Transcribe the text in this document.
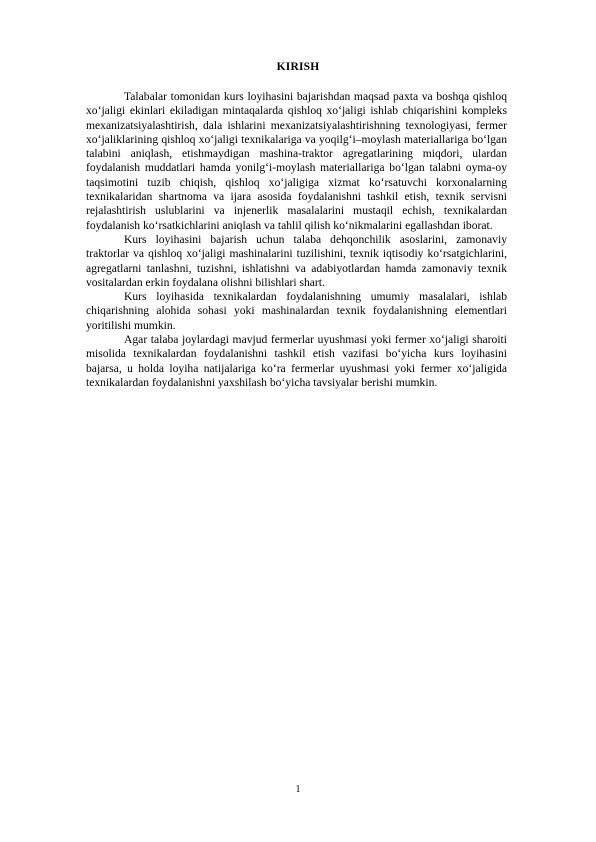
KIRISH

Talabalar tomonidan kurs loyihasini bajarishdan maqsad paxta va boshqa qishloq xo‘jaligi ekinlari ekiladigan mintaqalarda qishloq xo‘jaligi ishlab chiqarishini kompleks mexanizatsiyalashtirish, dala ishlarini mexanizatsiyalashtirishning texnologiyasi, fermer xo‘jaliklarining qishloq xo‘jaligi texnikalariga va yoqilg‘i–moylash materiallariga bo‘lgan talabini aniqlash, etishmaydigan mashina-traktor agregatlarining miqdori, ulardan foydalanish muddatlari hamda yonilg‘i-moylash materiallariga bo‘lgan talabni oyma-oy taqsimotini tuzib chiqish, qishloq xo‘jaligiga xizmat ko‘rsatuvchi korxonalarning texnikalaridan shartnoma va ijara asosida foydalanishni tashkil etish, texnik servisni rejalashtirish uslublarini va injenerlik masalalarini mustaqil echish, texnikalardan foydalanish ko‘rsatkichlarini aniqlash va tahlil qilish ko‘nikmalarini egallashdan iborat.

Kurs loyihasini bajarish uchun talaba dehqonchilik asoslarini, zamonaviy traktorlar va qishloq xo‘jaligi mashinalarini tuzilishini, texnik iqtisodiy ko‘rsatgichlarini, agregatlarni tanlashni, tuzishni, ishlatishni va adabiyotlardan hamda zamonaviy texnik vositalardan erkin foydalana olishni bilishlari shart.

Kurs loyihasida texnikalardan foydalanishning umumiy masalalari, ishlab chiqarishning alohida sohasi yoki mashinalardan texnik foydalanishning elementlari yoritilishi mumkin.

Agar talaba joylardagi mavjud fermerlar uyushmasi yoki fermer xo‘jaligi sharoiti misolida texnikalardan foydalanishni tashkil etish vazifasi bo‘yicha kurs loyihasini bajarsa, u holda loyiha natijalariga ko‘ra fermerlar uyushmasi yoki fermer xo‘jaligida texnikalardan foydalanishni yaxshilash bo‘yicha tavsiyalar berishi mumkin.

1
